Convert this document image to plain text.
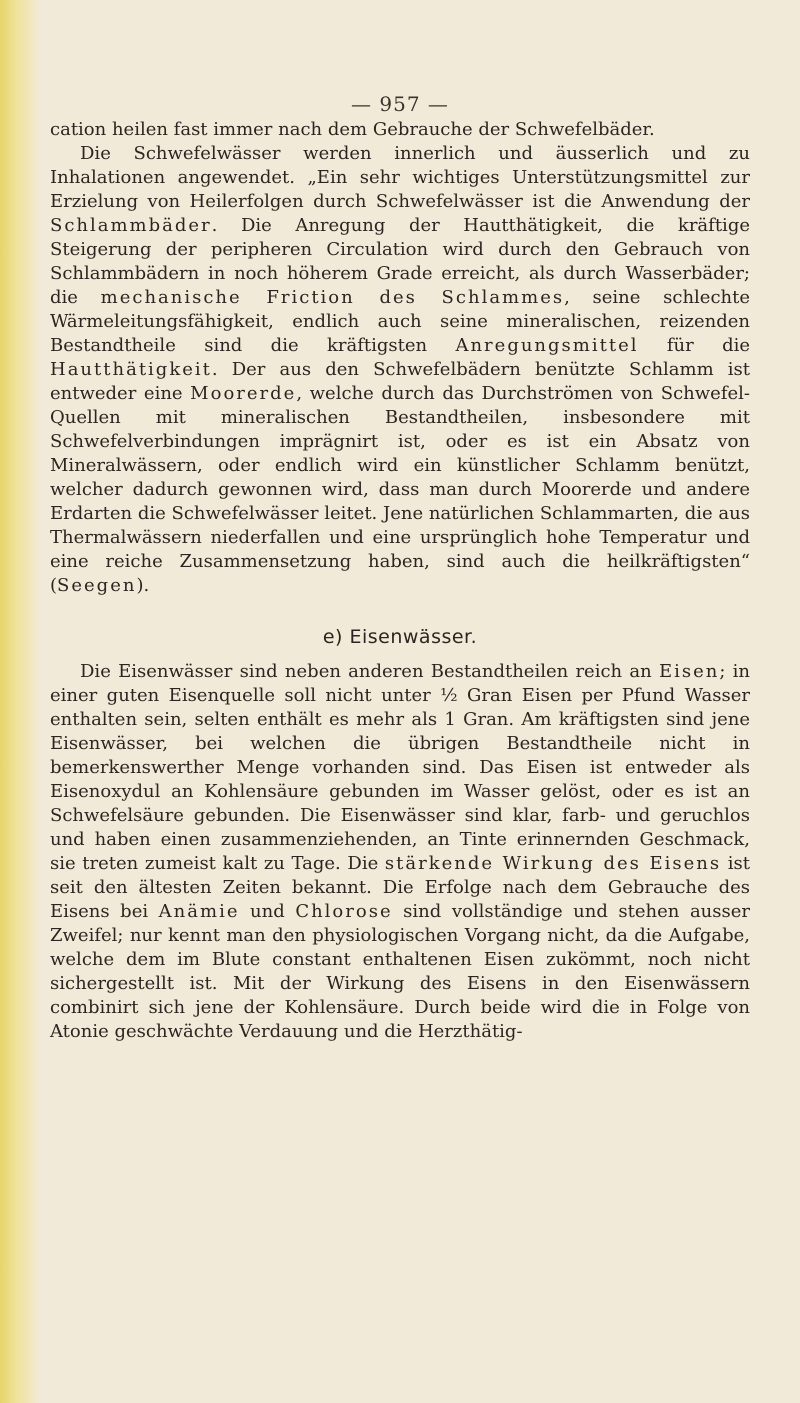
— 957 —

cation heilen fast immer nach dem Gebrauche der Schwefelbäder.

Die Schwefelwässer werden innerlich und äusserlich und zu Inhalationen angewendet. „Ein sehr wichtiges Unterstützungsmittel zur Erzielung von Heilerfolgen durch Schwefelwässer ist die Anwendung der Schlammbäder. Die Anregung der Hautthätigkeit, die kräftige Steigerung der peripheren Circulation wird durch den Gebrauch von Schlammbädern in noch höherem Grade erreicht, als durch Wasserbäder; die mechanische Friction des Schlammes, seine schlechte Wärmeleitungsfähigkeit, endlich auch seine mineralischen, reizenden Bestandtheile sind die kräftigsten Anregungsmittel für die Hautthätigkeit. Der aus den Schwefelbädern benützte Schlamm ist entweder eine Moorerde, welche durch das Durchströmen von Schwefel-Quellen mit mineralischen Bestandtheilen, insbesondere mit Schwefelverbindungen imprägnirt ist, oder es ist ein Absatz von Mineralwässern, oder endlich wird ein künstlicher Schlamm benützt, welcher dadurch gewonnen wird, dass man durch Moorerde und andere Erdarten die Schwefelwässer leitet. Jene natürlichen Schlammarten, die aus Thermalwässern niederfallen und eine ursprünglich hohe Temperatur und eine reiche Zusammensetzung haben, sind auch die heilkräftigsten“ (Seegen).

e) Eisenwässer.

Die Eisenwässer sind neben anderen Bestandtheilen reich an Eisen; in einer guten Eisenquelle soll nicht unter ½ Gran Eisen per Pfund Wasser enthalten sein, selten enthält es mehr als 1 Gran. Am kräftigsten sind jene Eisenwässer, bei welchen die übrigen Bestandtheile nicht in bemerkenswerther Menge vorhanden sind. Das Eisen ist entweder als Eisenoxydul an Kohlensäure gebunden im Wasser gelöst, oder es ist an Schwefelsäure gebunden. Die Eisenwässer sind klar, farb- und geruchlos und haben einen zusammenziehenden, an Tinte erinnernden Geschmack, sie treten zumeist kalt zu Tage. Die stärkende Wirkung des Eisens ist seit den ältesten Zeiten bekannt. Die Erfolge nach dem Gebrauche des Eisens bei Anämie und Chlorose sind vollständige und stehen ausser Zweifel; nur kennt man den physiologischen Vorgang nicht, da die Aufgabe, welche dem im Blute constant enthaltenen Eisen zukömmt, noch nicht sichergestellt ist. Mit der Wirkung des Eisens in den Eisenwässern combinirt sich jene der Kohlensäure. Durch beide wird die in Folge von Atonie geschwächte Verdauung und die Herzthätig-
